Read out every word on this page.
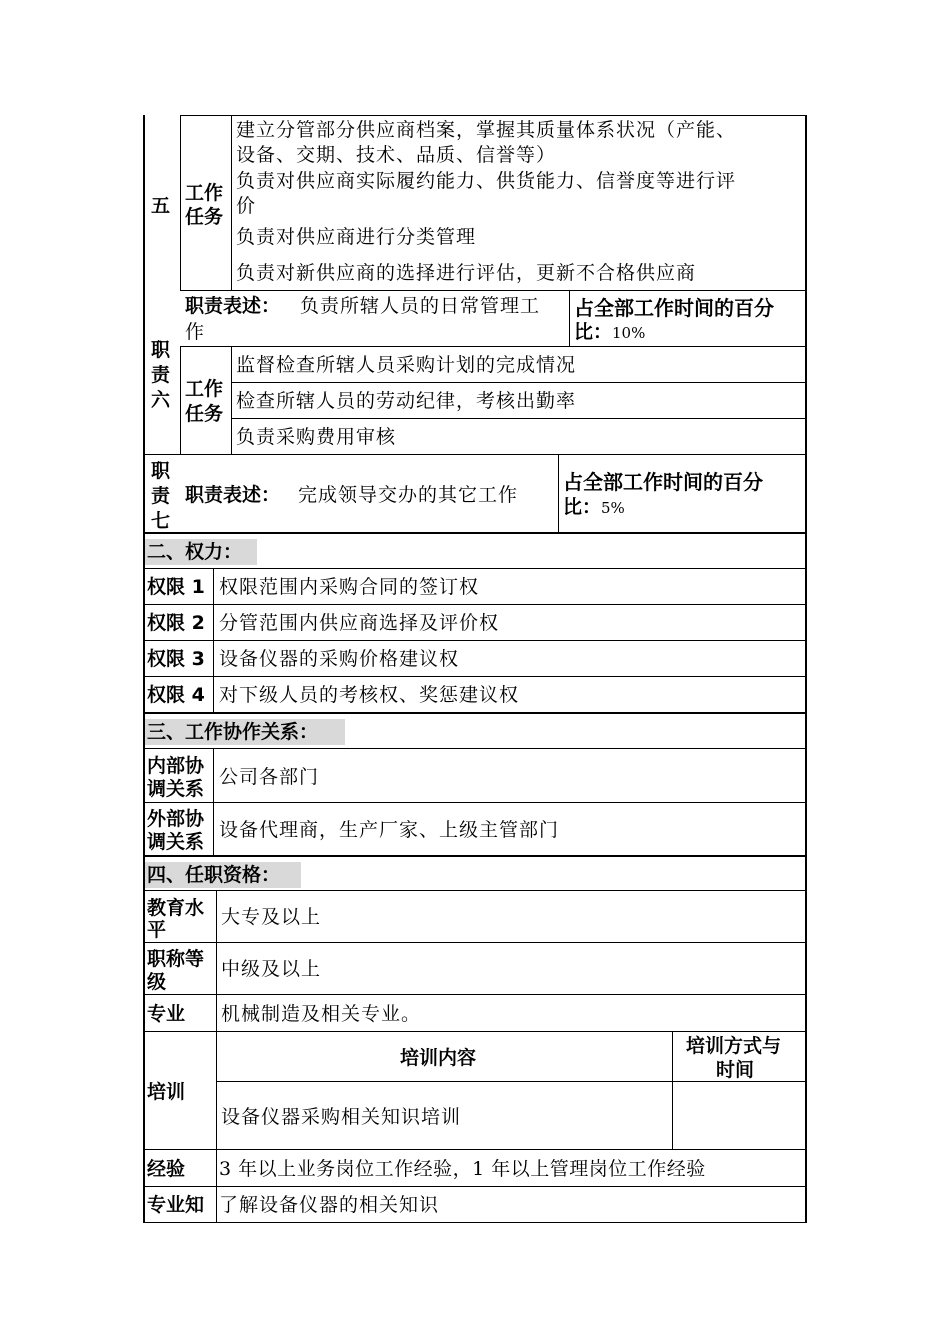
五
工作
任务
建立分管部分供应商档案，掌握其质量体系状况（产能、
设备、交期、技术、品质、信誉等）
负责对供应商实际履约能力、供货能力、信誉度等进行评
价
负责对供应商进行分类管理
负责对新供应商的选择进行评估，更新不合格供应商
职
责
六
职责表述： 负责所辖人员的日常管理工
作
占全部工作时间的百分
比：10%
工作
任务
监督检查所辖人员采购计划的完成情况
检查所辖人员的劳动纪律，考核出勤率
负责采购费用审核
职
责
七
职责表述： 完成领导交办的其它工作
占全部工作时间的百分
比：5%
二、权力：
权限 1 权限范围内采购合同的签订权
权限 2 分管范围内供应商选择及评价权
权限 3 设备仪器的采购价格建议权
权限 4 对下级人员的考核权、奖惩建议权
三、工作协作关系：
内部协
调关系
公司各部门
外部协
调关系
设备代理商，生产厂家、上级主管部门
四、任职资格：
教育水
平
大专及以上
职称等
级
中级及以上
专业 机械制造及相关专业。
培训
培训内容
培训方式与
时间
设备仪器采购相关知识培训
经验 3 年以上业务岗位工作经验，1 年以上管理岗位工作经验
专业知 了解设备仪器的相关知识
